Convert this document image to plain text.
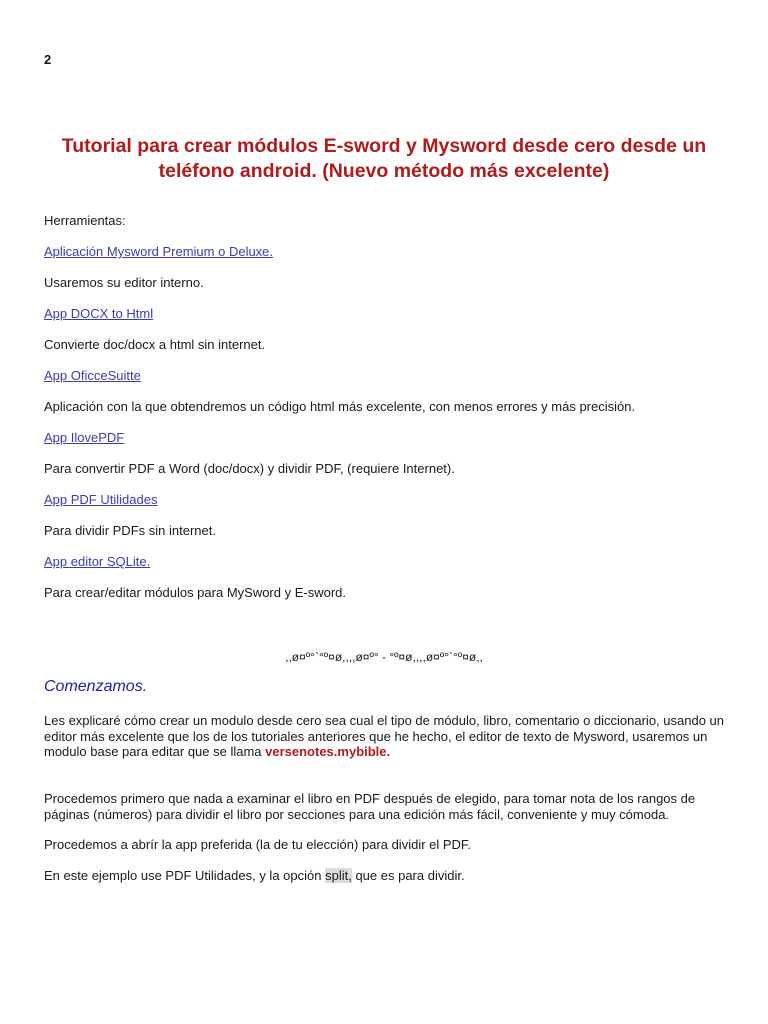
2
Tutorial para crear módulos E-sword y Mysword desde cero desde un teléfono android. (Nuevo método más excelente)
Herramientas:
Aplicación Mysword Premium o Deluxe.
Usaremos su editor interno.
App DOCX to Html
Convierte doc/docx a html sin internet.
App OficceSuitte
Aplicación con la que obtendremos un código html más excelente, con menos errores y más precisión.
App IlovePDF
Para convertir PDF a Word (doc/docx) y dividir PDF, (requiere Internet).
App PDF Utilidades
Para dividir PDFs sin internet.
App editor SQLite.
Para crear/editar módulos para MySword y E-sword.
,,ø¤º°`°º¤ø,,,,ø¤º° - °º¤ø,,,,ø¤º°`°º¤ø,,
Comenzamos.
Les explicaré cómo crear un modulo desde cero sea cual el tipo de módulo, libro, comentario o diccionario, usando un editor más excelente que los de los tutoriales anteriores que he hecho, el editor de texto de Mysword, usaremos un modulo base para editar que se llama versenotes.mybible.
Procedemos primero que nada a examinar el libro en PDF después de elegido, para tomar nota de los rangos de páginas (números) para dividir el libro por secciones para una edición más fácil, conveniente y muy cómoda.
Procedemos a abrír la app preferida (la de tu elección) para dividir el PDF.
En este ejemplo use PDF Utilidades, y la opción split, que es para dividir.
